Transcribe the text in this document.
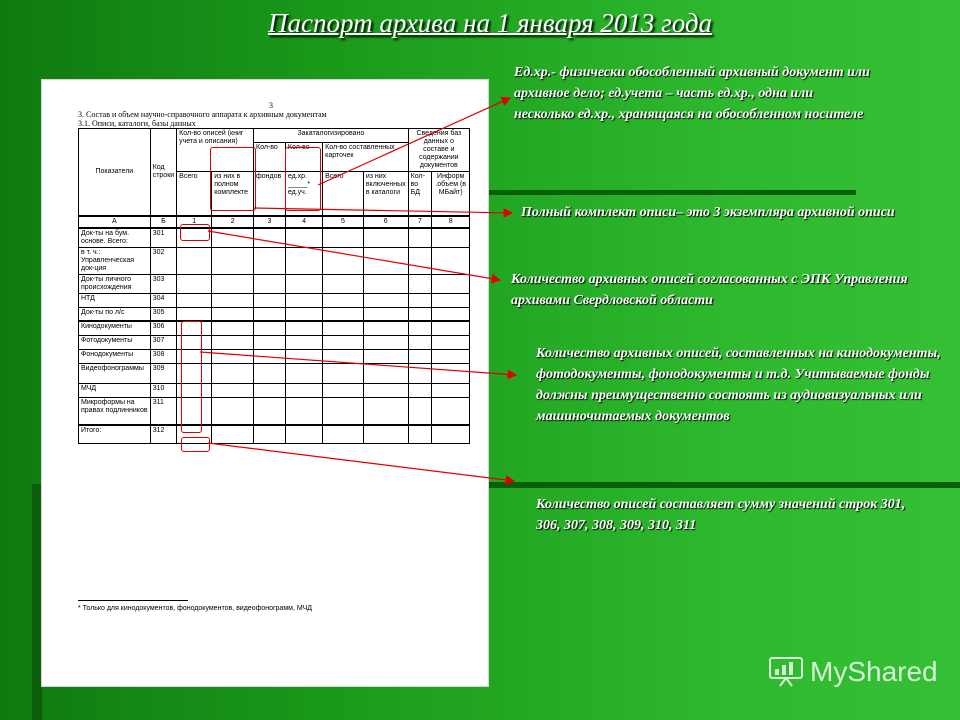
Паспорт архива на 1 января 2013 года
3
3. Состав и объем научно-справочного аппарата к архивным документам
3.1. Описи, каталоги, базы данных
Показатели	Код строки	Кол-во описей (книг учета и описания)		Закаталогизировано				Сведения баз данных о составе и содержании документов	
				Кол-во	Кол-во	Кол-во составленных карточек			
		Всего	из них в полном комплекте	фондов	ед.хр. _____* ед.уч.	Всего	из них включенных в каталоги	Кол-во БД	Информ .объем (в МБайт)
А	Б	1	2	3	4	5	6	7	8
Док-ты на бум. основе. Всего:	301								
в т. ч.: Управленческая док-ция	302								
Док-ты личного происхождения	303								
НТД	304								
Док-ты по л/с	305								
Кинодокументы	306								
Фотодокументы	307								
Фонодокументы	308								
Видеофонограммы	309								
МЧД	310								
Микроформы на правах подлинников	311								
Итого:	312								
* Только для кинодокументов, фонодокументов, видеофонограмм, МЧД
Ед.хр.- физически обособленный архивный документ или архивное дело; ед.учета – часть ед.хр., одна или несколько ед.хр., хранящаяся на обособленном носителе
Полный комплект описи– это 3 экземпляра архивной описи
Количество архивных описей согласованных с ЭПК Управления архивами Свердловской области
Количество архивных описей, составленных на кинодокументы, фотодокументы, фонодокументы и т.д. Учитываемые фонды должны преимущественно состоять из аудиовизуальных или машиночитаемых документов
Количество описей составляет сумму значений строк 301, 306, 307, 308, 309, 310, 311
MyShared
